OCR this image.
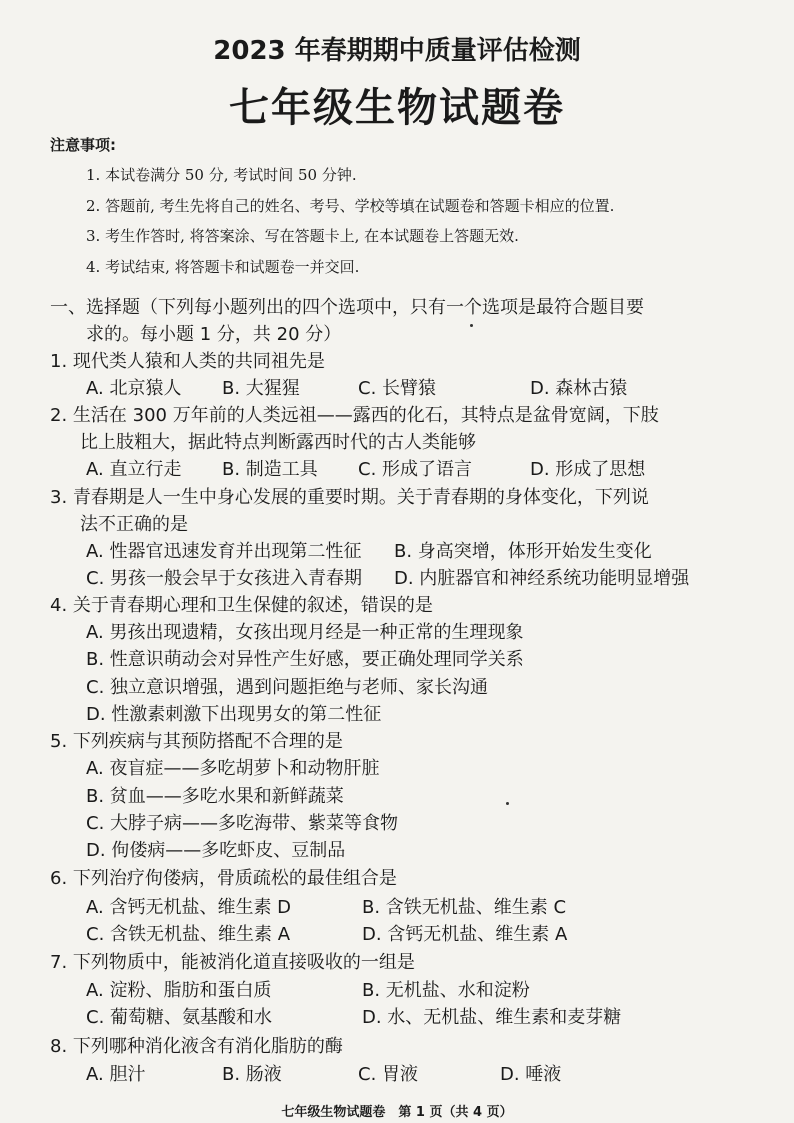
2023 年春期期中质量评估检测
七年级生物试题卷
注意事项:
1. 本试卷满分 50 分, 考试时间 50 分钟.
2. 答题前, 考生先将自己的姓名、考号、学校等填在试题卷和答题卡相应的位置.
3. 考生作答时, 将答案涂、写在答题卡上, 在本试题卷上答题无效.
4. 考试结束, 将答题卡和试题卷一并交回.
一、选择题（下列每小题列出的四个选项中，只有一个选项是最符合题目要
求的。每小题 1 分，共 20 分）
1. 现代类人猿和人类的共同祖先是
A. 北京猿人 B. 大猩猩	C. 长臂猿	D. 森林古猿
2. 生活在 300 万年前的人类远祖——露西的化石，其特点是盆骨宽阔，下肢
比上肢粗大，据此特点判断露西时代的古人类能够
A. 直立行走 B. 制造工具 C. 形成了语言	D. 形成了思想
3. 青春期是人一生中身心发展的重要时期。关于青春期的身体变化，下列说
法不正确的是
A. 性器官迅速发育并出现第二性征 B. 身高突增，体形开始发生变化
C. 男孩一般会早于女孩进入青春期 D. 内脏器官和神经系统功能明显增强
4. 关于青春期心理和卫生保健的叙述，错误的是
A. 男孩出现遗精，女孩出现月经是一种正常的生理现象
B. 性意识萌动会对异性产生好感，要正确处理同学关系
C. 独立意识增强，遇到问题拒绝与老师、家长沟通
D. 性激素刺激下出现男女的第二性征
5. 下列疾病与其预防搭配不合理的是
A. 夜盲症——多吃胡萝卜和动物肝脏
B. 贫血——多吃水果和新鲜蔬菜
C. 大脖子病——多吃海带、紫菜等食物
D. 佝偻病——多吃虾皮、豆制品
6. 下列治疗佝偻病，骨质疏松的最佳组合是
A. 含钙无机盐、维生素 D	B. 含铁无机盐、维生素 C
C. 含铁无机盐、维生素 A	D. 含钙无机盐、维生素 A
7. 下列物质中，能被消化道直接吸收的一组是
A. 淀粉、脂肪和蛋白质	B. 无机盐、水和淀粉
C. 葡萄糖、氨基酸和水	D. 水、无机盐、维生素和麦芽糖
8. 下列哪种消化液含有消化脂肪的酶
A. 胆汁	B. 肠液	C. 胃液	D. 唾液
七年级生物试题卷　第 1 页（共 4 页）
